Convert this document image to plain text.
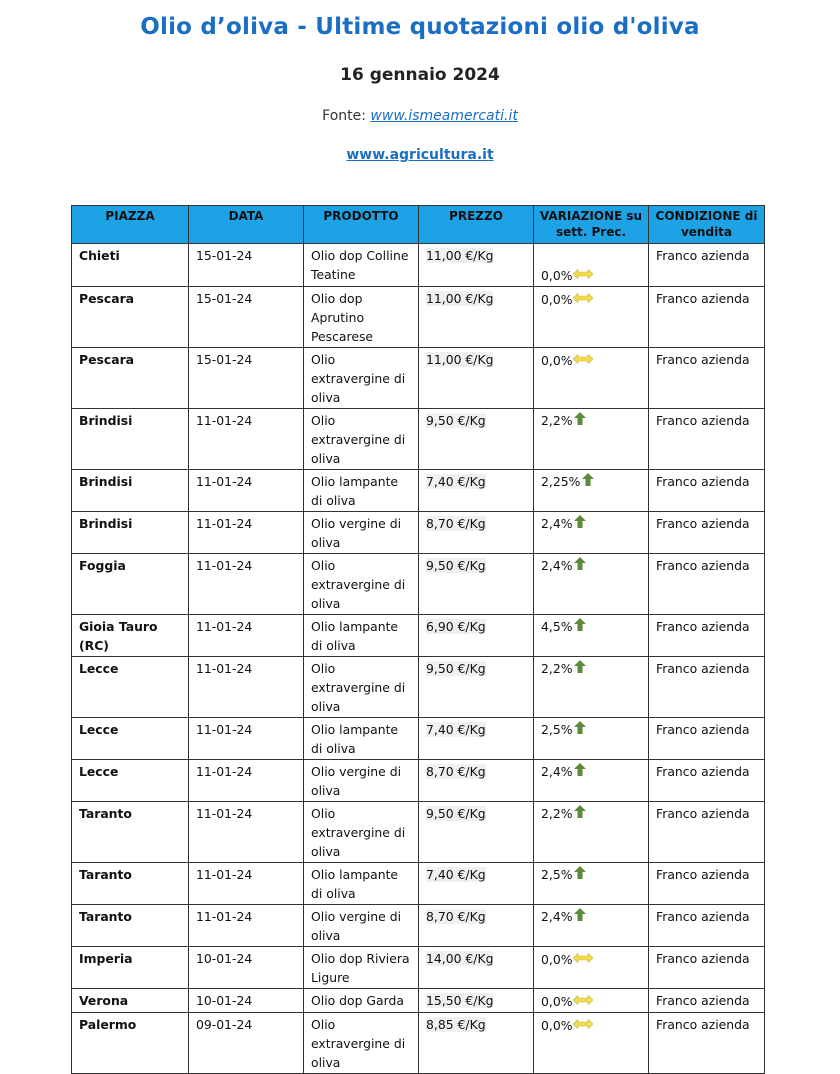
Olio d’oliva - Ultime quotazioni olio d'oliva
16 gennaio 2024
Fonte: www.ismeamercati.it
www.agricultura.it
PIAZZA	DATA	PRODOTTO	PREZZO	VARIAZIONE su sett. Prec.	CONDIZIONE di vendita
Chieti	15-01-24	Olio dop Colline Teatine	11,00 €/Kg	0,0%	Franco azienda
Pescara	15-01-24	Olio dop Aprutino Pescarese	11,00 €/Kg	0,0%	Franco azienda
Pescara	15-01-24	Olio extravergine di oliva	11,00 €/Kg	0,0%	Franco azienda
Brindisi	11-01-24	Olio extravergine di oliva	9,50 €/Kg	2,2%	Franco azienda
Brindisi	11-01-24	Olio lampante di oliva	7,40 €/Kg	2,25%	Franco azienda
Brindisi	11-01-24	Olio vergine di oliva	8,70 €/Kg	2,4%	Franco azienda
Foggia	11-01-24	Olio extravergine di oliva	9,50 €/Kg	2,4%	Franco azienda
Gioia Tauro (RC)	11-01-24	Olio lampante di oliva	6,90 €/Kg	4,5%	Franco azienda
Lecce	11-01-24	Olio extravergine di oliva	9,50 €/Kg	2,2%	Franco azienda
Lecce	11-01-24	Olio lampante di oliva	7,40 €/Kg	2,5%	Franco azienda
Lecce	11-01-24	Olio vergine di oliva	8,70 €/Kg	2,4%	Franco azienda
Taranto	11-01-24	Olio extravergine di oliva	9,50 €/Kg	2,2%	Franco azienda
Taranto	11-01-24	Olio lampante di oliva	7,40 €/Kg	2,5%	Franco azienda
Taranto	11-01-24	Olio vergine di oliva	8,70 €/Kg	2,4%	Franco azienda
Imperia	10-01-24	Olio dop Riviera Ligure	14,00 €/Kg	0,0%	Franco azienda
Verona	10-01-24	Olio dop Garda	15,50 €/Kg	0,0%	Franco azienda
Palermo	09-01-24	Olio extravergine di oliva	8,85 €/Kg	0,0%	Franco azienda
